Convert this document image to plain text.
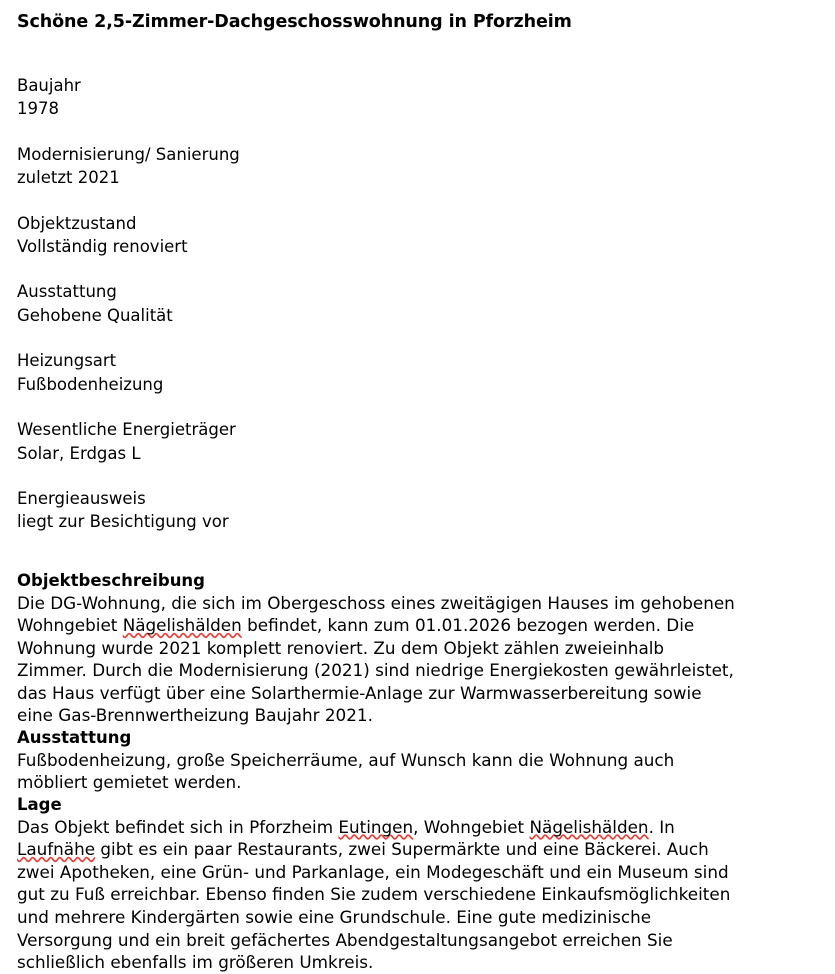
Schöne 2,5-Zimmer-Dachgeschosswohnung in Pforzheim
Baujahr
1978
Modernisierung/ Sanierung
zuletzt 2021
Objektzustand
Vollständig renoviert
Ausstattung
Gehobene Qualität
Heizungsart
Fußbodenheizung
Wesentliche Energieträger
Solar, Erdgas L
Energieausweis
liegt zur Besichtigung vor
Objektbeschreibung
Die DG-Wohnung, die sich im Obergeschoss eines zweitägigen Hauses im gehobenen
Wohngebiet Nägelishälden befindet, kann zum 01.01.2026 bezogen werden. Die
Wohnung wurde 2021 komplett renoviert. Zu dem Objekt zählen zweieinhalb
Zimmer. Durch die Modernisierung (2021) sind niedrige Energiekosten gewährleistet,
das Haus verfügt über eine Solarthermie-Anlage zur Warmwasserbereitung sowie
eine Gas-Brennwertheizung Baujahr 2021.
Ausstattung
Fußbodenheizung, große Speicherräume, auf Wunsch kann die Wohnung auch
möbliert gemietet werden.
Lage
Das Objekt befindet sich in Pforzheim Eutingen, Wohngebiet Nägelishälden. In
Laufnähe gibt es ein paar Restaurants, zwei Supermärkte und eine Bäckerei. Auch
zwei Apotheken, eine Grün- und Parkanlage, ein Modegeschäft und ein Museum sind
gut zu Fuß erreichbar. Ebenso finden Sie zudem verschiedene Einkaufsmöglichkeiten
und mehrere Kindergärten sowie eine Grundschule. Eine gute medizinische
Versorgung und ein breit gefächertes Abendgestaltungsangebot erreichen Sie
schließlich ebenfalls im größeren Umkreis.
